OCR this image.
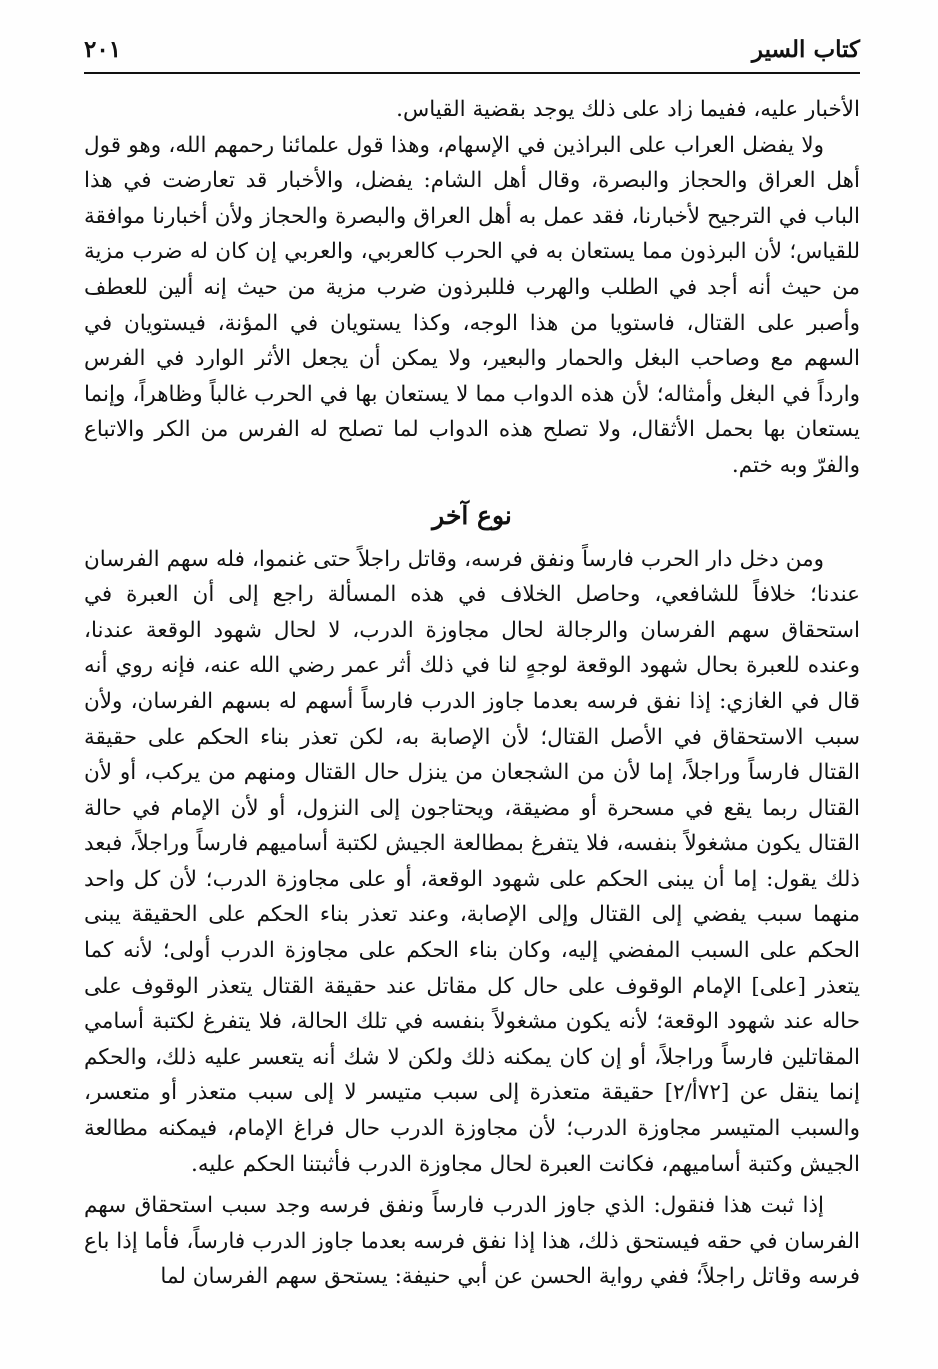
كتاب السير
٢٠١

الأخبار عليه، ففيما زاد على ذلك يوجد بقضية القياس.

ولا يفضل العراب على البراذين في الإسهام، وهذا قول علمائنا رحمهم الله، وهو قول أهل العراق والحجاز والبصرة، وقال أهل الشام: يفضل، والأخبار قد تعارضت في هذا الباب في الترجيح لأخبارنا، فقد عمل به أهل العراق والبصرة والحجاز ولأن أخبارنا موافقة للقياس؛ لأن البرذون مما يستعان به في الحرب كالعربي، والعربي إن كان له ضرب مزية من حيث أنه أجد في الطلب والهرب فللبرذون ضرب مزية من حيث إنه ألين للعطف وأصبر على القتال، فاستويا من هذا الوجه، وكذا يستويان في المؤنة، فيستويان في السهم مع وصاحب البغل والحمار والبعير، ولا يمكن أن يجعل الأثر الوارد في الفرس وارداً في البغل وأمثاله؛ لأن هذه الدواب مما لا يستعان بها في الحرب غالباً وظاهراً، وإنما يستعان بها بحمل الأثقال، ولا تصلح هذه الدواب لما تصلح له الفرس من الكر والاتباع والفرّ وبه ختم.

نوع آخر

ومن دخل دار الحرب فارساً ونفق فرسه، وقاتل راجلاً حتى غنموا، فله سهم الفرسان عندنا؛ خلافاً للشافعي، وحاصل الخلاف في هذه المسألة راجع إلى أن العبرة في استحقاق سهم الفرسان والرجالة لحال مجاوزة الدرب، لا لحال شهود الوقعة عندنا، وعنده للعبرة بحال شهود الوقعة لوجهٍ لنا في ذلك أثر عمر رضي الله عنه، فإنه روي أنه قال في الغازي: إذا نفق فرسه بعدما جاوز الدرب فارساً أسهم له بسهم الفرسان، ولأن سبب الاستحقاق في الأصل القتال؛ لأن الإصابة به، لكن تعذر بناء الحكم على حقيقة القتال فارساً وراجلاً، إما لأن من الشجعان من ينزل حال القتال ومنهم من يركب، أو لأن القتال ربما يقع في مسحرة أو مضيقة، ويحتاجون إلى النزول، أو لأن الإمام في حالة القتال يكون مشغولاً بنفسه، فلا يتفرغ بمطالعة الجيش لكتبة أساميهم فارساً وراجلاً، فبعد ذلك يقول: إما أن يبنى الحكم على شهود الوقعة، أو على مجاوزة الدرب؛ لأن كل واحد منهما سبب يفضي إلى القتال وإلى الإصابة، وعند تعذر بناء الحكم على الحقيقة يبنى الحكم على السبب المفضي إليه، وكان بناء الحكم على مجاوزة الدرب أولى؛ لأنه كما يتعذر [على] الإمام الوقوف على حال كل مقاتل عند حقيقة القتال يتعذر الوقوف على حاله عند شهود الوقعة؛ لأنه يكون مشغولاً بنفسه في تلك الحالة، فلا يتفرغ لكتبة أسامي المقاتلين فارساً وراجلاً، أو إن كان يمكنه ذلك ولكن لا شك أنه يتعسر عليه ذلك، والحكم إنما ينقل عن [٧٢أ/٢] حقيقة متعذرة إلى سبب متيسر لا إلى سبب متعذر أو متعسر، والسبب المتيسر مجاوزة الدرب؛ لأن مجاوزة الدرب حال فراغ الإمام، فيمكنه مطالعة الجيش وكتبة أساميهم، فكانت العبرة لحال مجاوزة الدرب فأثبتنا الحكم عليه.

إذا ثبت هذا فنقول: الذي جاوز الدرب فارساً ونفق فرسه وجد سبب استحقاق سهم الفرسان في حقه فيستحق ذلك، هذا إذا نفق فرسه بعدما جاوز الدرب فارساً، فأما إذا باع فرسه وقاتل راجلاً؛ ففي رواية الحسن عن أبي حنيفة: يستحق سهم الفرسان لما
